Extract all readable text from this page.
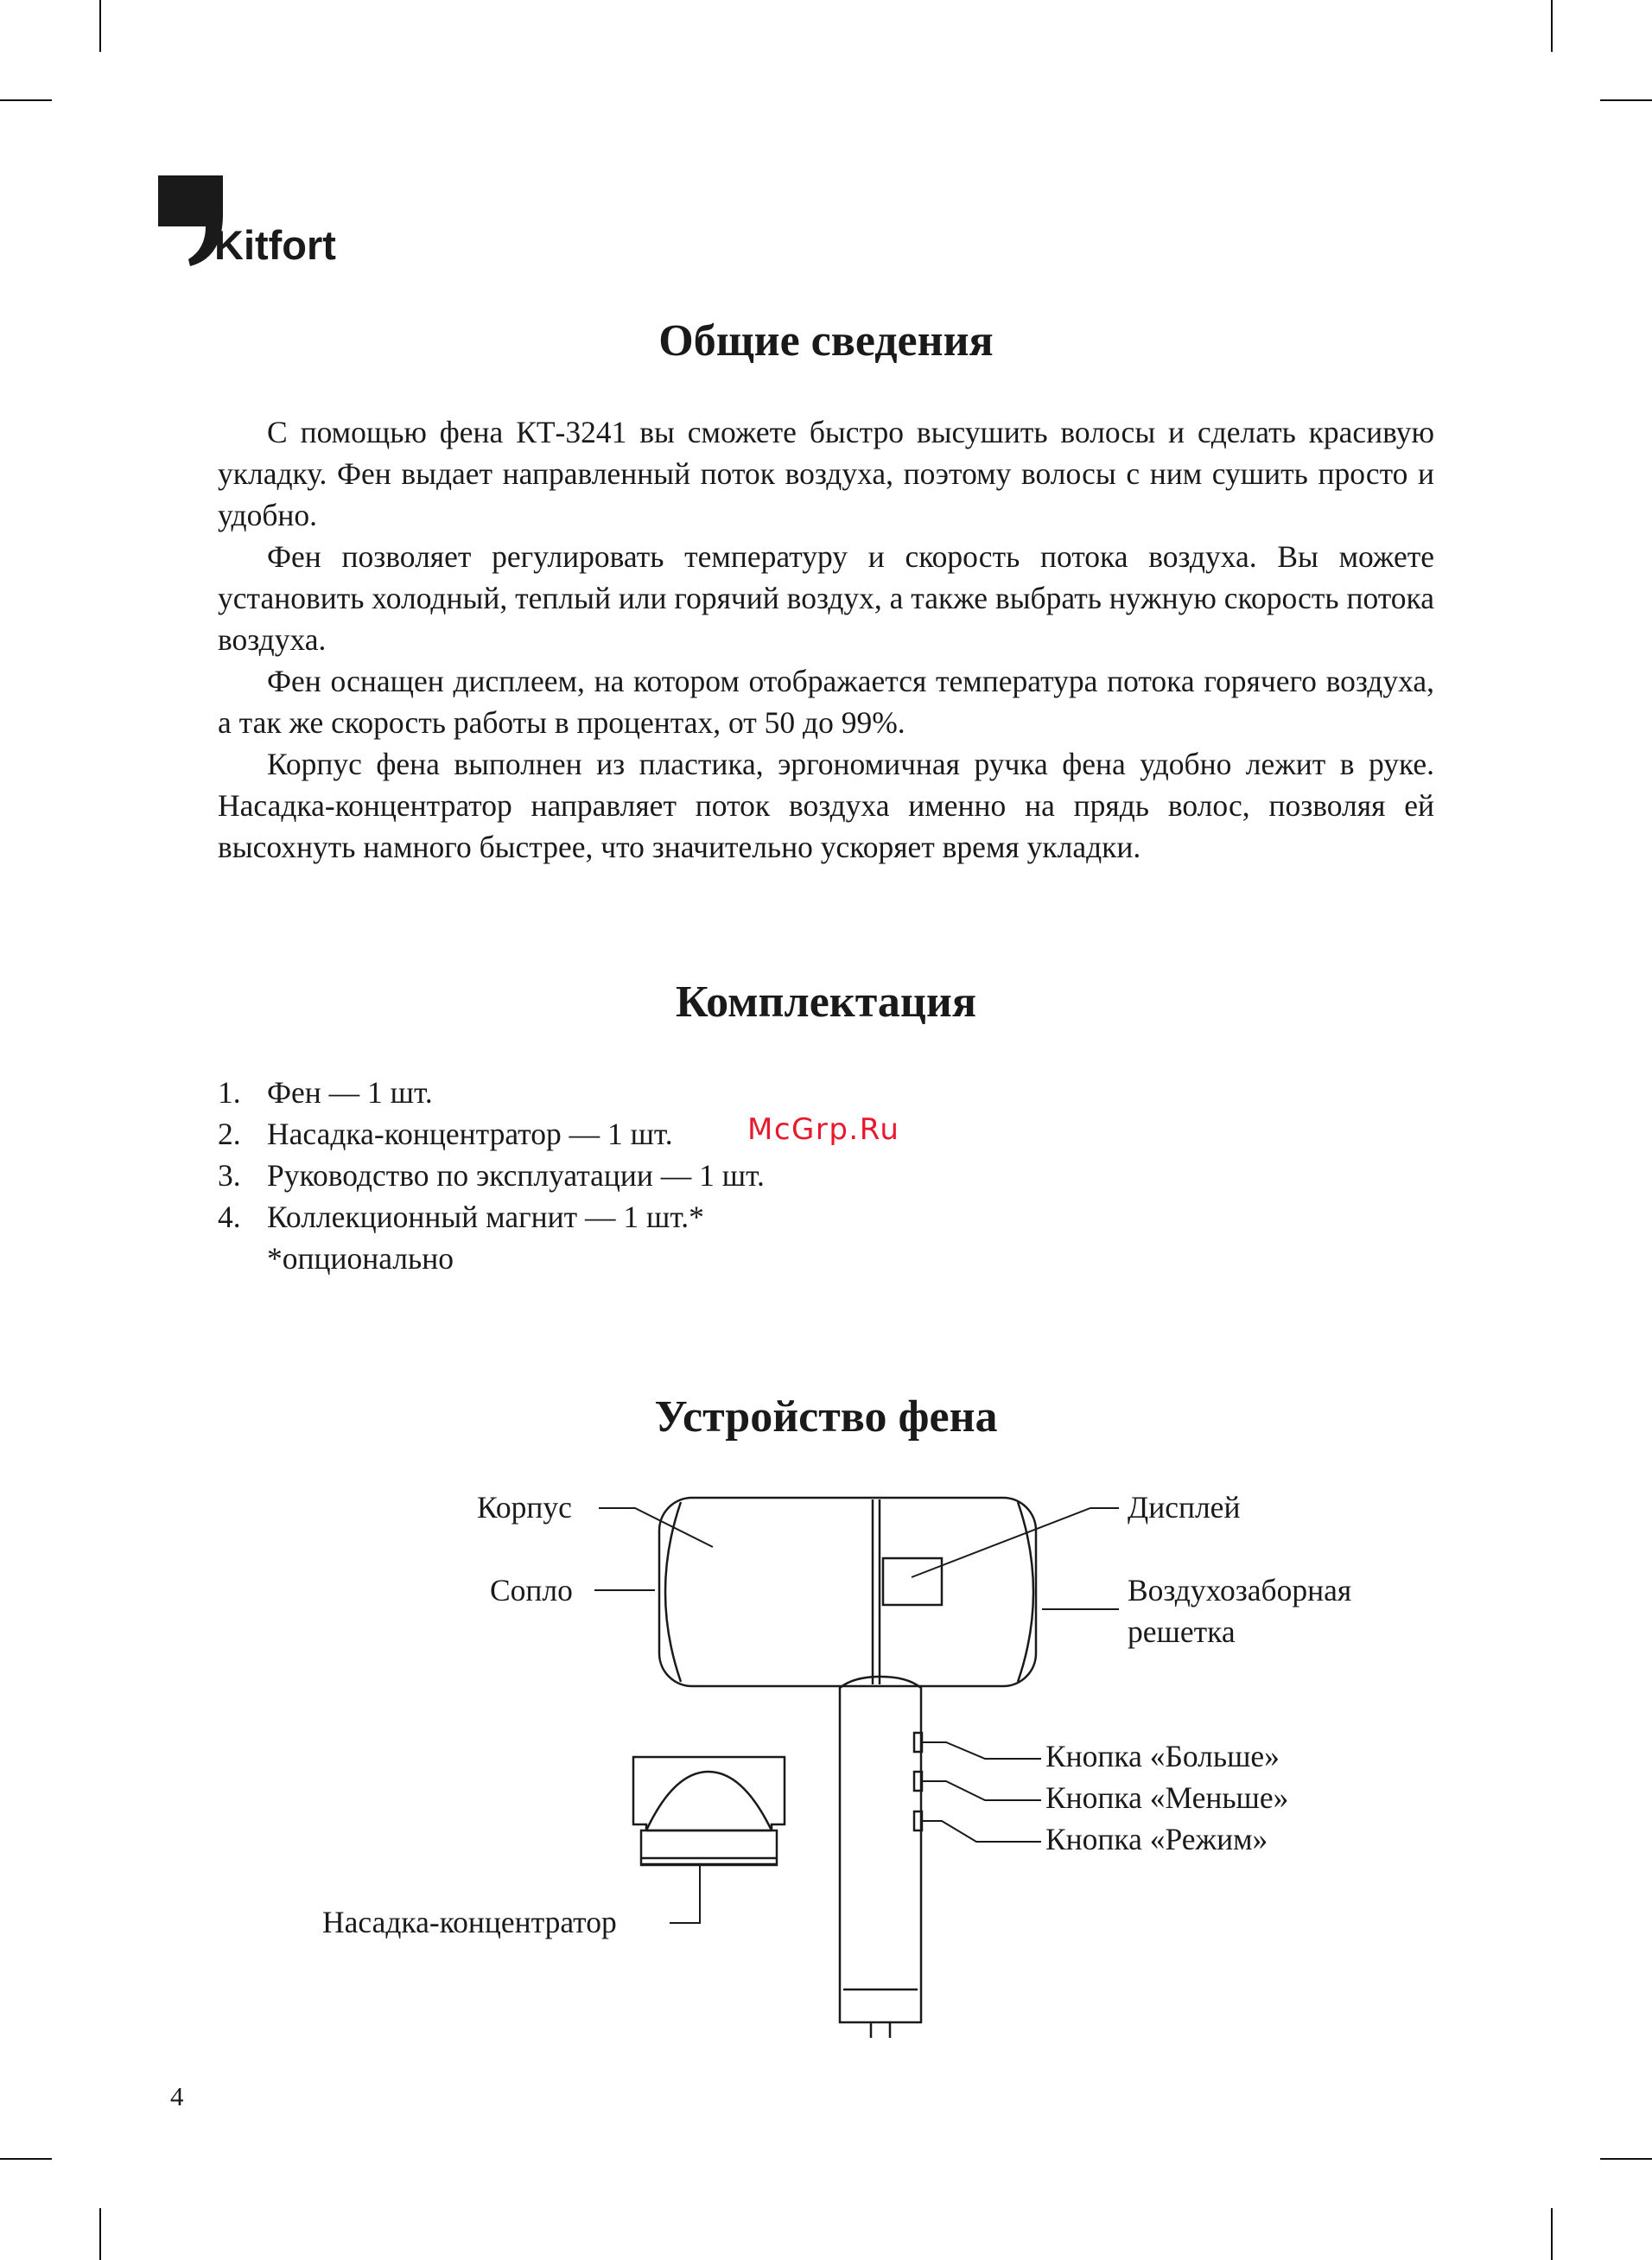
Kitfort
Общие сведения

С помощью фена КТ-3241 вы сможете быстро высушить волосы и сделать красивую укладку. Фен выдает направленный поток воздуха, поэтому волосы с ним сушить просто и удобно.

Фен позволяет регулировать температуру и скорость потока воздуха. Вы можете установить холодный, теплый или горячий воздух, а также выбрать нужную скорость потока воздуха.

Фен оснащен дисплеем, на котором отображается температура потока горячего воздуха, а так же скорость работы в процентах, от 50 до 99%.

Корпус фена выполнен из пластика, эргономичная ручка фена удобно лежит в руке. Насадка-концентратор направляет поток воздуха именно на прядь волос, позволяя ей высохнуть намного быстрее, что значительно ускоряет время укладки.

Комплектация
1. Фен — 1 шт.
2. Насадка-концентратор — 1 шт.
3. Руководство по эксплуатации — 1 шт.
4. Коллекционный магнит — 1 шт.*
*опционально
McGrp.Ru
Устройство фена
Корпус
Сопло
Дисплей
Воздухозаборная
решетка
Кнопка «Больше»
Кнопка «Меньше»
Кнопка «Режим»
Насадка-концентратор
4
